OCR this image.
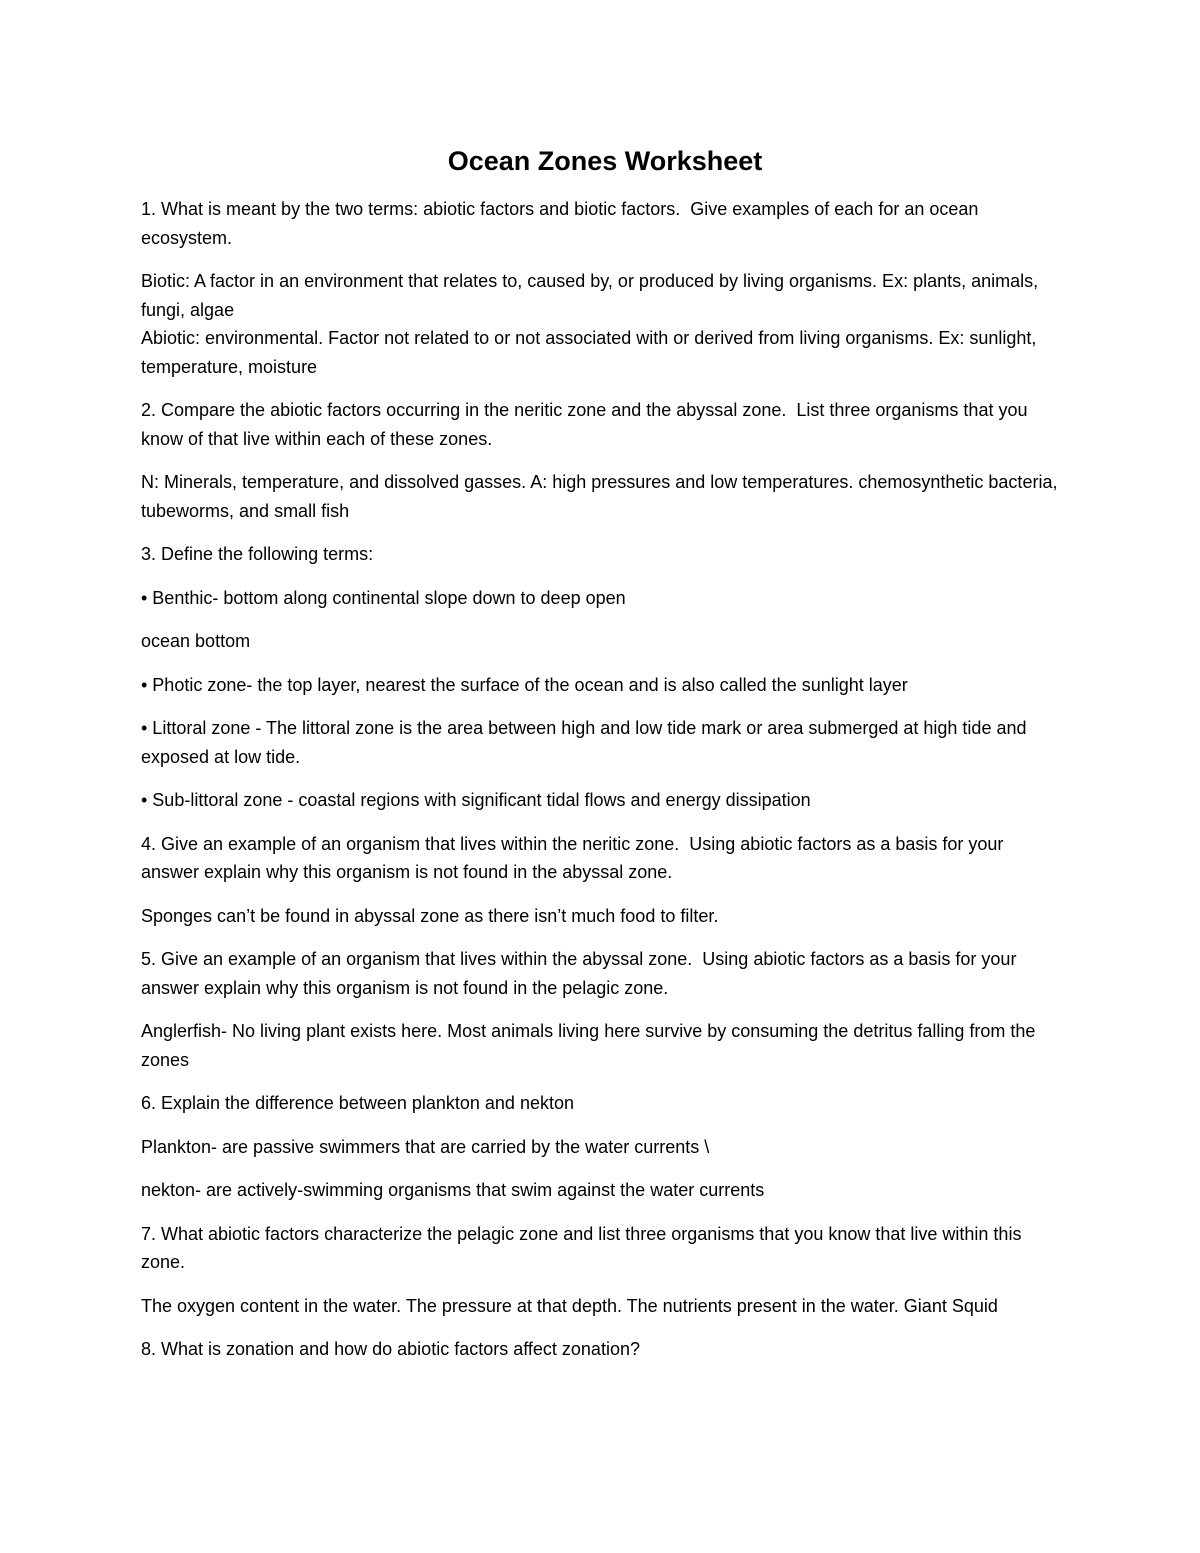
Ocean Zones Worksheet

1. What is meant by the two terms: abiotic factors and biotic factors.  Give examples of each for an ocean ecosystem.

Biotic: A factor in an environment that relates to, caused by, or produced by living organisms. Ex: plants, animals, fungi, algae

Abiotic: environmental. Factor not related to or not associated with or derived from living organisms. Ex: sunlight, temperature, moisture

2. Compare the abiotic factors occurring in the neritic zone and the abyssal zone.  List three organisms that you know of that live within each of these zones.

N: Minerals, temperature, and dissolved gasses. A: high pressures and low temperatures. chemosynthetic bacteria, tubeworms, and small fish

3. Define the following terms:

• Benthic- bottom along continental slope down to deep open

ocean bottom

• Photic zone- the top layer, nearest the surface of the ocean and is also called the sunlight layer

• Littoral zone - The littoral zone is the area between high and low tide mark or area submerged at high tide and exposed at low tide.

• Sub-littoral zone - coastal regions with significant tidal flows and energy dissipation

4. Give an example of an organism that lives within the neritic zone.  Using abiotic factors as a basis for your answer explain why this organism is not found in the abyssal zone.

Sponges can’t be found in abyssal zone as there isn’t much food to filter.

5. Give an example of an organism that lives within the abyssal zone.  Using abiotic factors as a basis for your answer explain why this organism is not found in the pelagic zone.

Anglerfish- No living plant exists here. Most animals living here survive by consuming the detritus falling from the zones

6. Explain the difference between plankton and nekton

Plankton- are passive swimmers that are carried by the water currents \

nekton- are actively-swimming organisms that swim against the water currents

7. What abiotic factors characterize the pelagic zone and list three organisms that you know that live within this zone.

The oxygen content in the water. The pressure at that depth. The nutrients present in the water. Giant Squid

8. What is zonation and how do abiotic factors affect zonation?
